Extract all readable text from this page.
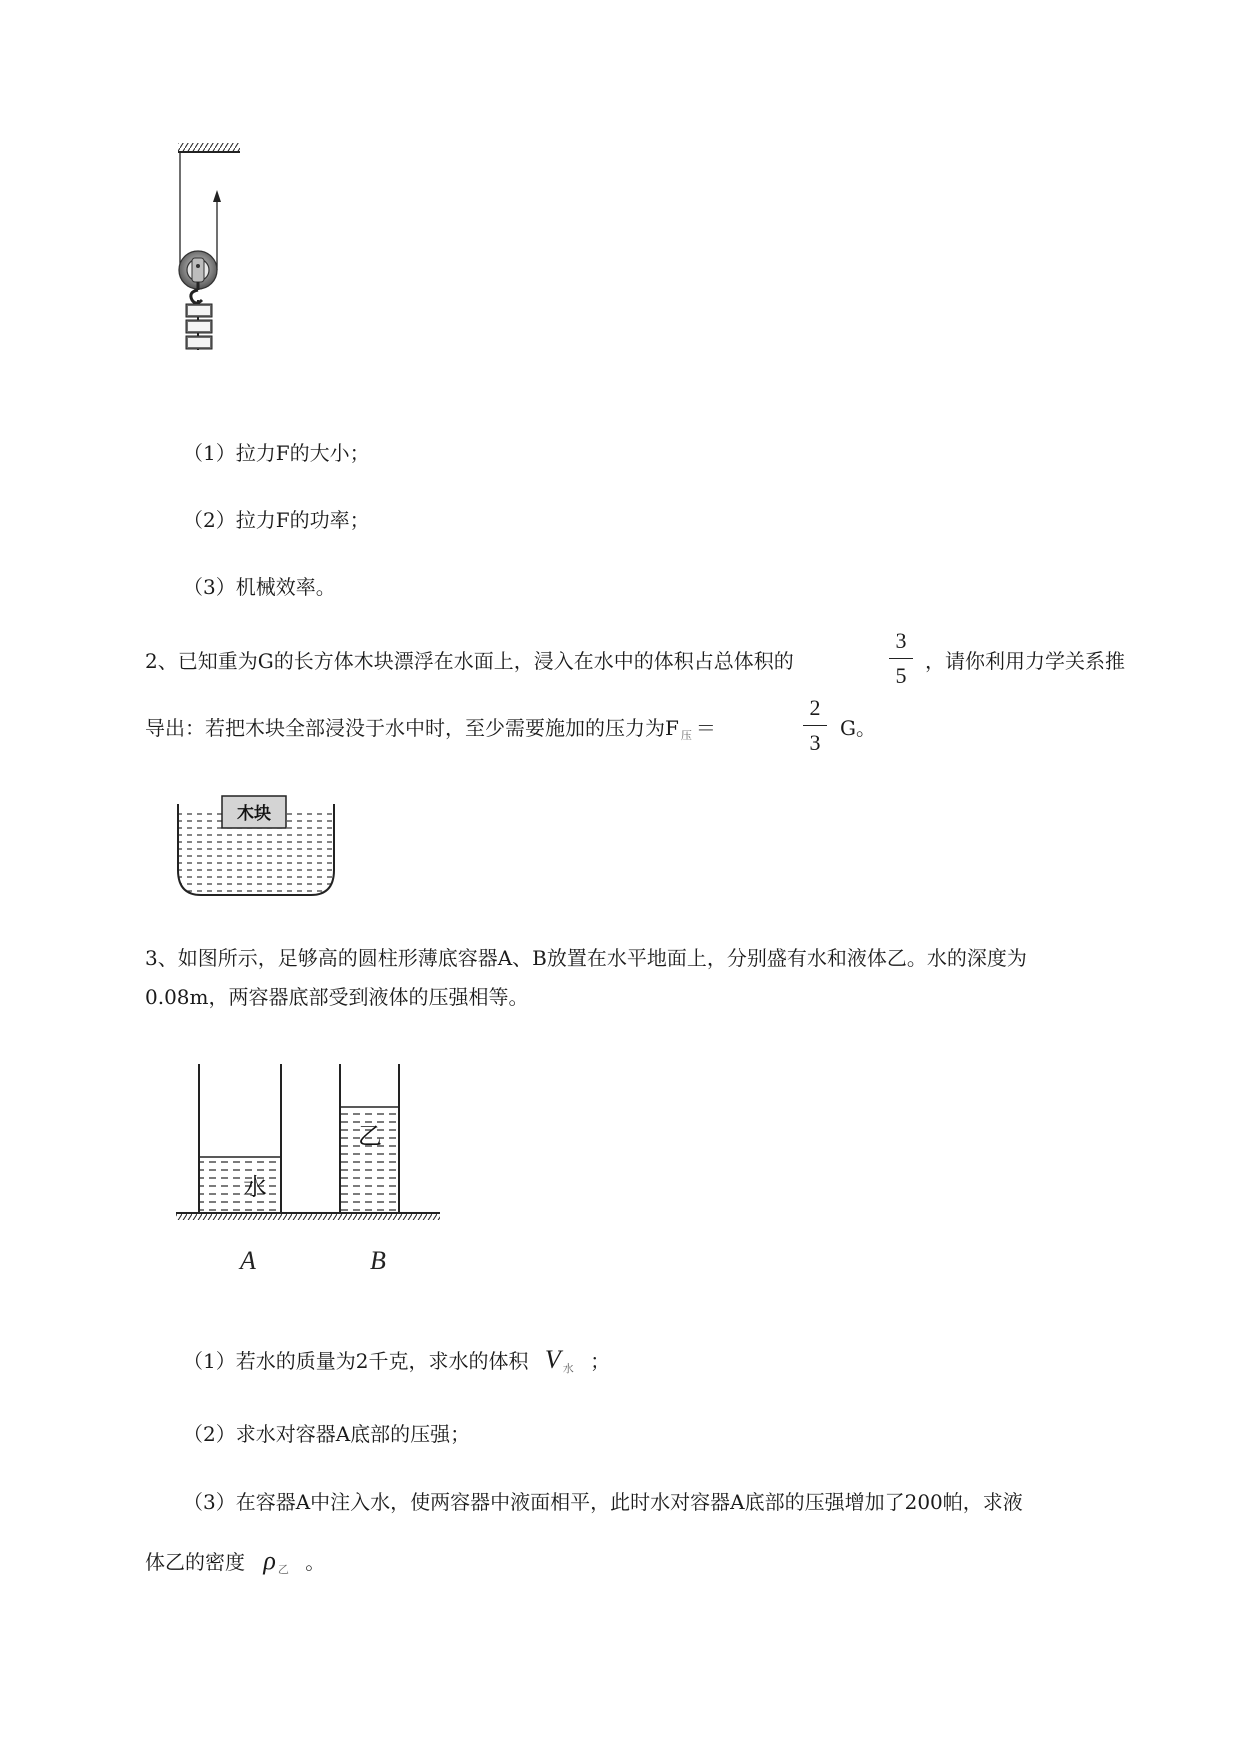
（1）拉力F的大小；
（2）拉力F的功率；
（3）机械效率。
2、已知重为G的长方体木块漂浮在水面上，浸入在水中的体积占总体积的
3
5
，请你利用力学关系推
导出：若把木块全部浸没于水中时，至少需要施加的压力为F $_压$ ＝
2
3
G。
木块
3、如图所示，足够高的圆柱形薄底容器A、B放置在水平地面上，分别盛有水和液体乙。水的深度为
0.08m，两容器底部受到液体的压强相等。
水
乙
A	B
（1）若水的质量为2千克，求水的体积 V $_水$ ；
（2）求水对容器A底部的压强；
（3）在容器A中注入水，使两容器中液面相平，此时水对容器A底部的压强增加了200帕，求液
体乙的密度 ρ $_乙$ 。
